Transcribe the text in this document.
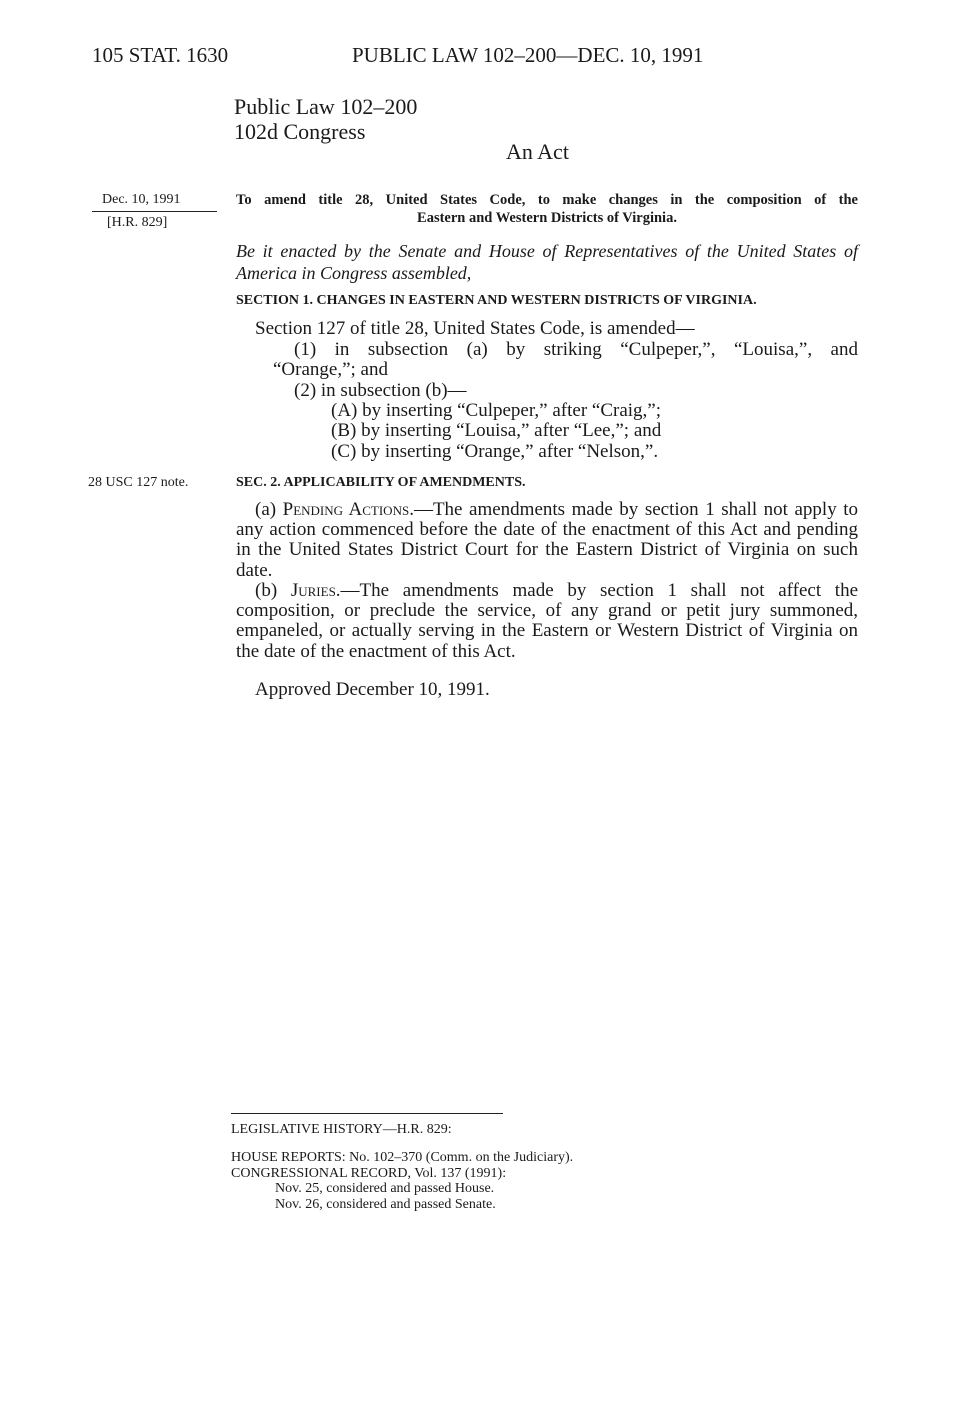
105 STAT. 1630	PUBLIC LAW 102–200—DEC. 10, 1991
Public Law 102–200
102d Congress
An Act
Dec. 10, 1991
[H.R. 829]
To amend title 28, United States Code, to make changes in the composition of the
Eastern and Western Districts of Virginia.
Be it enacted by the Senate and House of Representatives of the United States of America in Congress assembled,
SECTION 1. CHANGES IN EASTERN AND WESTERN DISTRICTS OF VIRGINIA.
Section 127 of title 28, United States Code, is amended—
(1) in subsection (a) by striking “Culpeper,”, “Louisa,”, and
“Orange,”; and
(2) in subsection (b)—
(A) by inserting “Culpeper,” after “Craig,”;
(B) by inserting “Louisa,” after “Lee,”; and
(C) by inserting “Orange,” after “Nelson,”.
28 USC 127 note.	SEC. 2. APPLICABILITY OF AMENDMENTS.
(a) Pending Actions.—The amendments made by section 1 shall not apply to any action commenced before the date of the enactment of this Act and pending in the United States District Court for the Eastern District of Virginia on such date.
(b) Juries.—The amendments made by section 1 shall not affect the composition, or preclude the service, of any grand or petit jury summoned, empaneled, or actually serving in the Eastern or Western District of Virginia on the date of the enactment of this Act.
Approved December 10, 1991.
LEGISLATIVE HISTORY—H.R. 829:
HOUSE REPORTS: No. 102–370 (Comm. on the Judiciary).
CONGRESSIONAL RECORD, Vol. 137 (1991):
Nov. 25, considered and passed House.
Nov. 26, considered and passed Senate.
